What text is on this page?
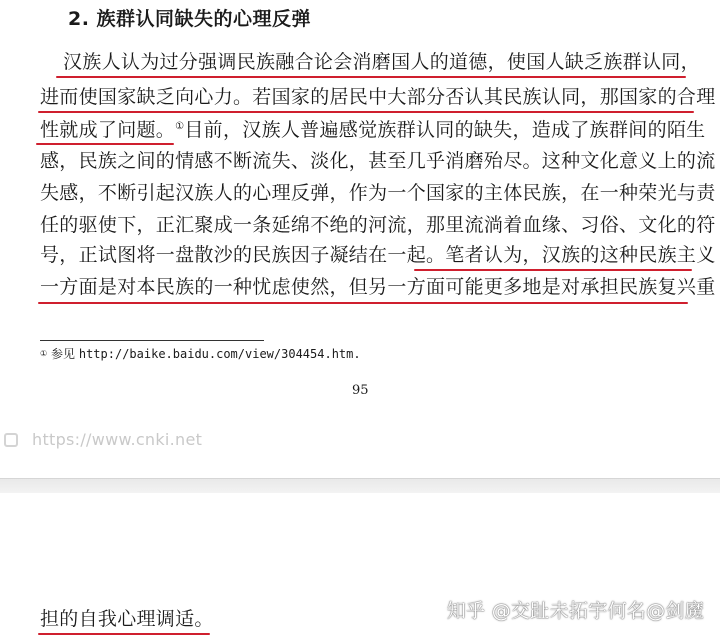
2. 族群认同缺失的心理反弹
汉族人认为过分强调民族融合论会消磨国人的道德，使国人缺乏族群认同，
进而使国家缺乏向心力。若国家的居民中大部分否认其民族认同，那国家的合理
性就成了问题。①目前，汉族人普遍感觉族群认同的缺失，造成了族群间的陌生
感，民族之间的情感不断流失、淡化，甚至几乎消磨殆尽。这种文化意义上的流
失感，不断引起汉族人的心理反弹，作为一个国家的主体民族，在一种荣光与责
任的驱使下，正汇聚成一条延绵不绝的河流，那里流淌着血缘、习俗、文化的符
号，正试图将一盘散沙的民族因子凝结在一起。笔者认为，汉族的这种民族主义
一方面是对本民族的一种忧虑使然，但另一方面可能更多地是对承担民族复兴重
① 参见 http://baike.baidu.com/view/304454.htm.
95
https://www.cnki.net
担的自我心理调适。	知乎 @交趾未拓宇何名@剑魔
